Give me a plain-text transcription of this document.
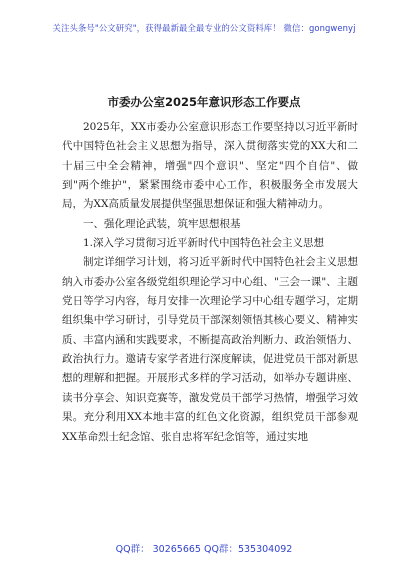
关注头条号"公文研究"，获得最新最全最专业的公文资料库！ 微信：gongwenyj
市委办公室2025年意识形态工作要点

2025年，XX市委办公室意识形态工作要坚持以习近平新时代中国特色社会主义思想为指导，深入贯彻落实党的XX大和二十届三中全会精神，增强"四个意识"、坚定"四个自信"、做到"两个维护"，紧紧围绕市委中心工作，积极服务全市发展大局，为XX高质量发展提供坚强思想保证和强大精神动力。

一、强化理论武装，筑牢思想根基

1.深入学习贯彻习近平新时代中国特色社会主义思想

制定详细学习计划，将习近平新时代中国特色社会主义思想纳入市委办公室各级党组织理论学习中心组、"三会一课"、主题党日等学习内容，每月安排一次理论学习中心组专题学习，定期组织集中学习研讨，引导党员干部深刻领悟其核心要义、精神实质、丰富内涵和实践要求，不断提高政治判断力、政治领悟力、政治执行力。邀请专家学者进行深度解读，促进党员干部对新思想的理解和把握。开展形式多样的学习活动，如举办专题讲座、读书分享会、知识竞赛等，激发党员干部学习热情，增强学习效果。充分利用XX本地丰富的红色文化资源，组织党员干部参观XX革命烈士纪念馆、张自忠将军纪念馆等，通过实地

QQ群： 30265665 QQ群：535304092
